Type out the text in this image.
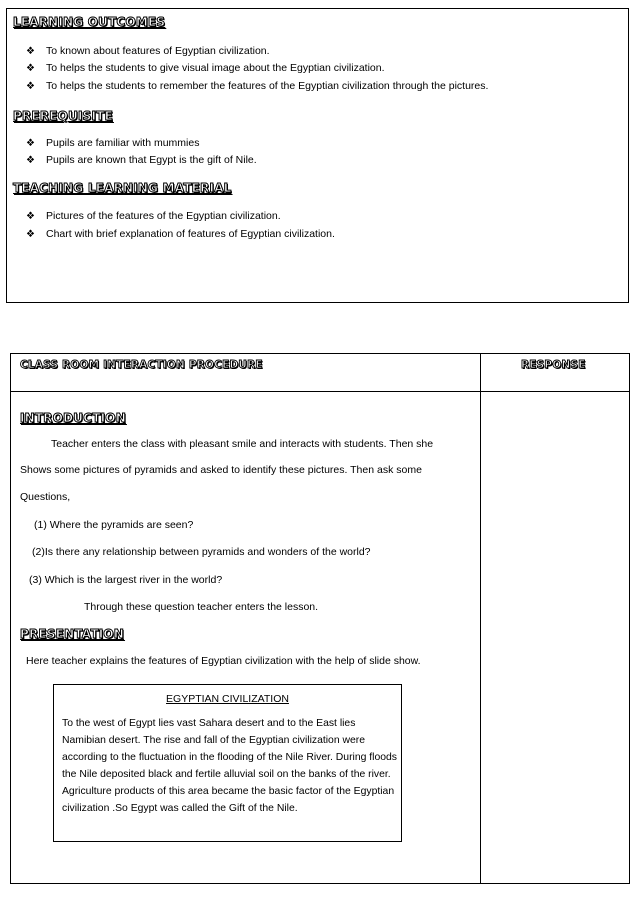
LEARNING OUTCOMES
❖ To known about features of Egyptian civilization.
❖ To helps the students to give visual image about the Egyptian civilization.
❖ To helps the students to remember the features of the Egyptian civilization through the pictures.
PREREQUISITE
❖ Pupils are familiar with mummies
❖ Pupils are known that Egypt is the gift of Nile.
TEACHING LEARNING MATERIAL
❖ Pictures of the features of the Egyptian civilization.
❖ Chart with brief explanation of features of Egyptian civilization.
CLASS ROOM INTERACTION PROCEDURE	RESPONSE
INTRODUCTION
Teacher enters the class with pleasant smile and interacts with students. Then she
Shows some pictures of pyramids and asked to identify these pictures. Then ask some
Questions,
(1) Where the pyramids are seen?
(2)Is there any relationship between pyramids and wonders of the world?
(3) Which is the largest river in the world?
Through these question teacher enters the lesson.
PRESENTATION
Here teacher explains the features of Egyptian civilization with the help of slide show.
EGYPTIAN CIVILIZATION
To the west of Egypt lies vast Sahara desert and to the East lies Namibian desert. The rise and fall of the Egyptian civilization were according to the fluctuation in the flooding of the Nile River. During floods the Nile deposited black and fertile alluvial soil on the banks of the river. Agriculture products of this area became the basic factor of the Egyptian civilization .So Egypt was called the Gift of the Nile.
